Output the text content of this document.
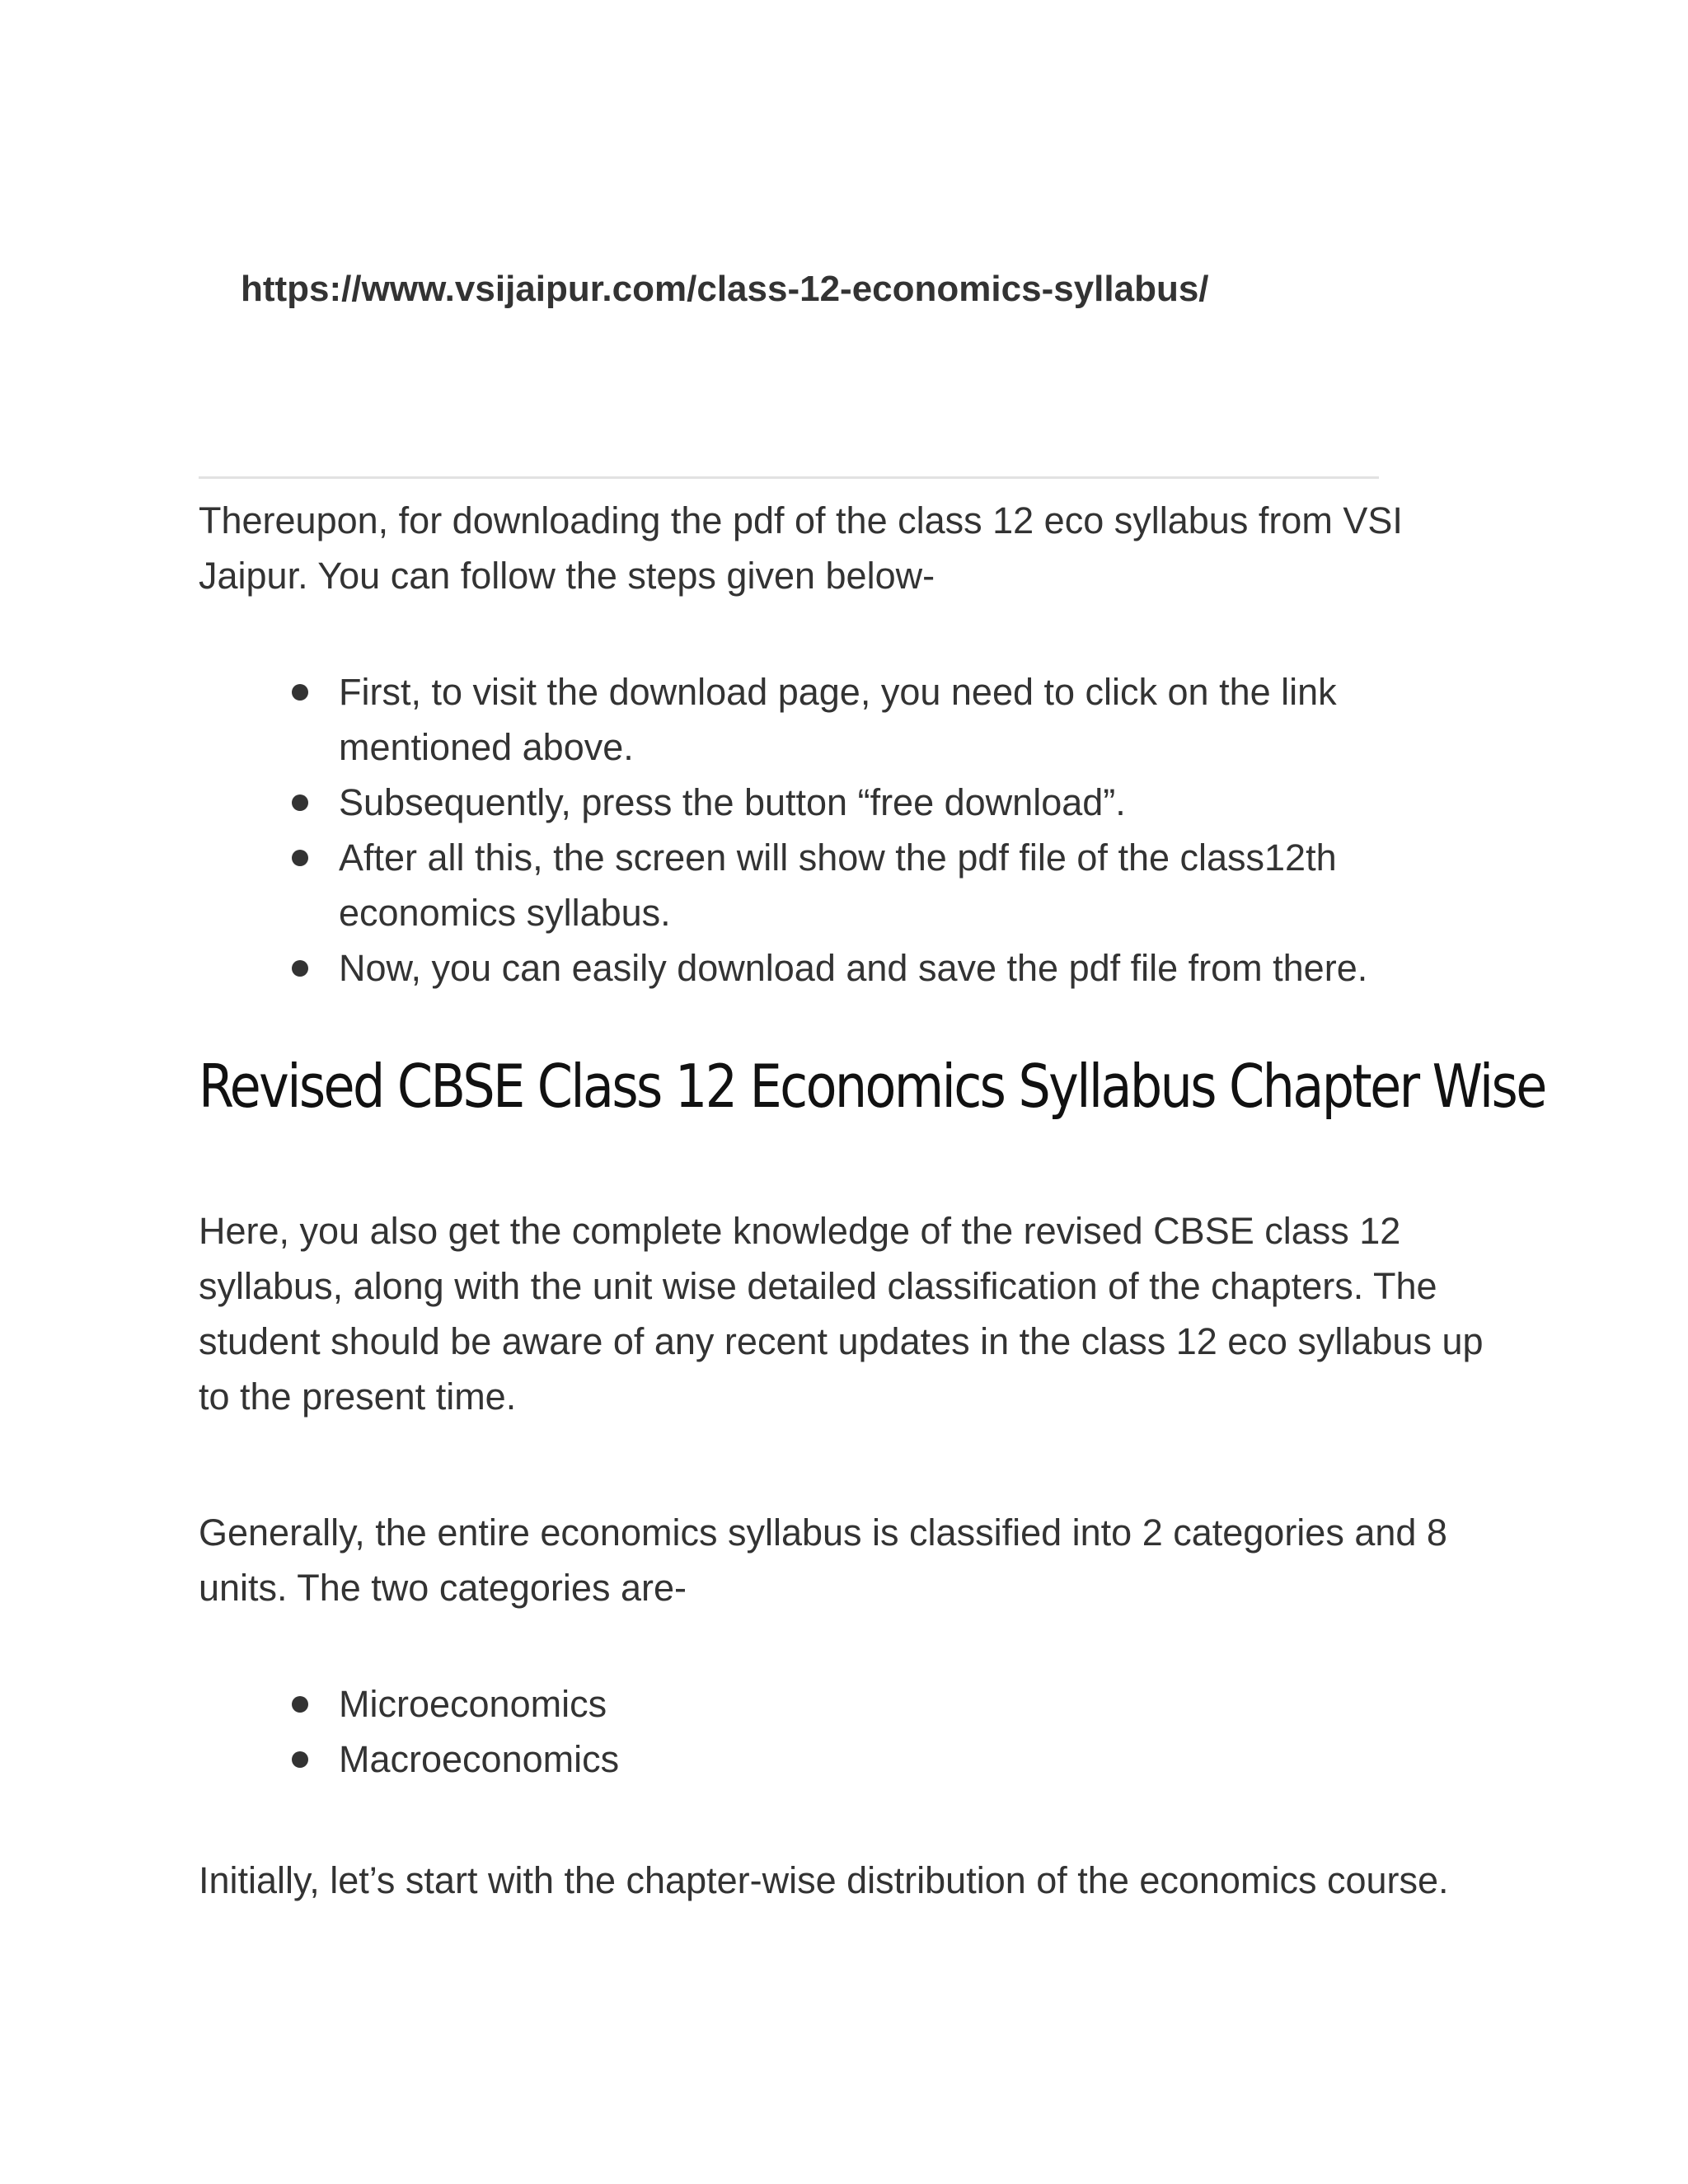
https://www.vsijaipur.com/class-12-economics-syllabus/

Thereupon, for downloading the pdf of the class 12 eco syllabus from VSI Jaipur. You can follow the steps given below-

First, to visit the download page, you need to click on the link mentioned above.
Subsequently, press the button “free download”.
After all this, the screen will show the pdf file of the class12th economics syllabus.
Now, you can easily download and save the pdf file from there.
Revised CBSE Class 12 Economics Syllabus Chapter Wise

Here, you also get the complete knowledge of the revised CBSE class 12 syllabus, along with the unit wise detailed classification of the chapters. The student should be aware of any recent updates in the class 12 eco syllabus up to the present time.

Generally, the entire economics syllabus is classified into 2 categories and 8 units. The two categories are-

Microeconomics
Macroeconomics

Initially, let’s start with the chapter-wise distribution of the economics course.
